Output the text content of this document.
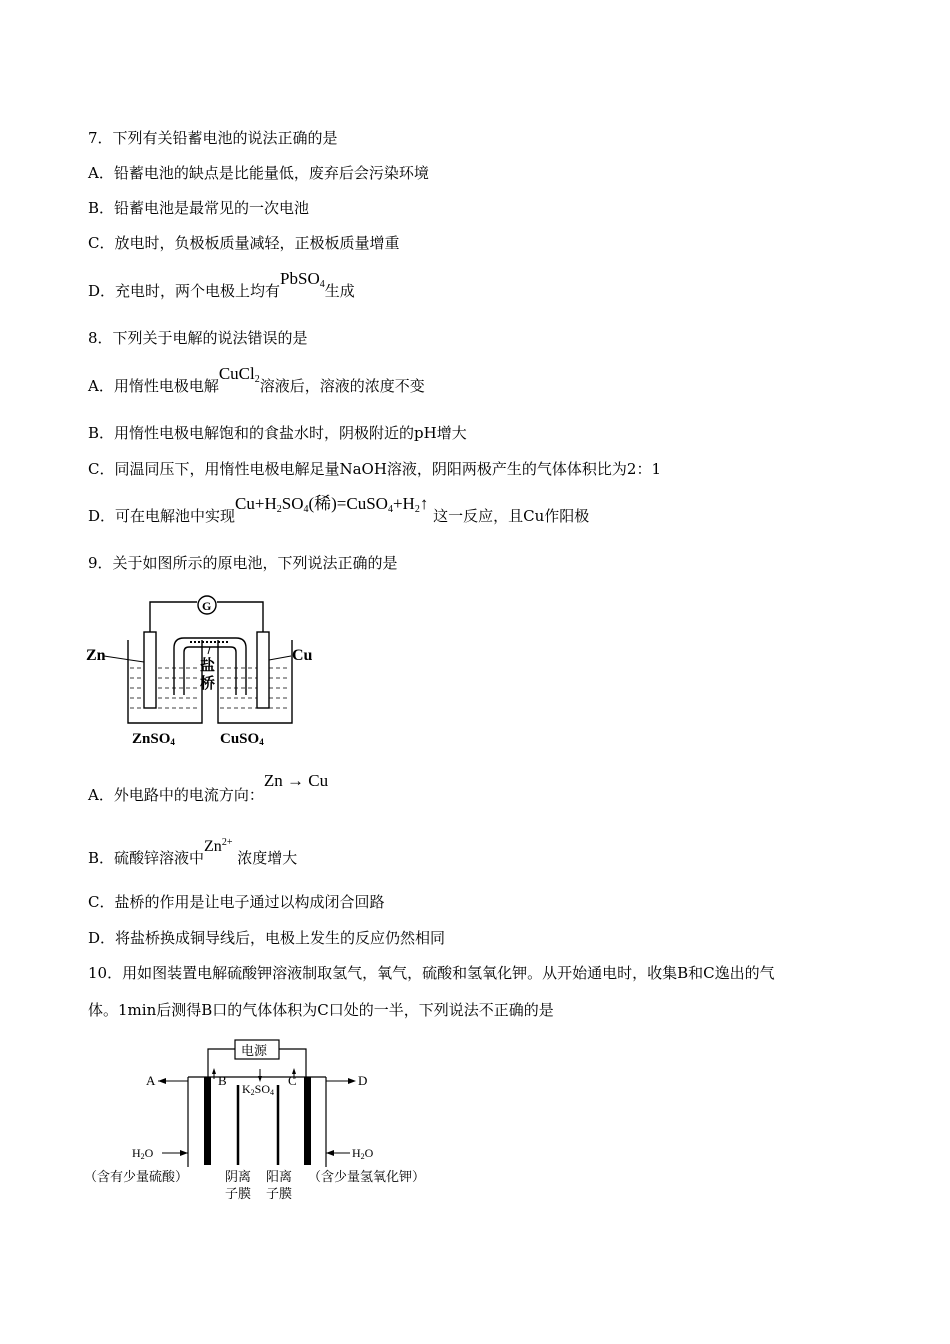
7．下列有关铅蓄电池的说法正确的是
A．铅蓄电池的缺点是比能量低，废弃后会污染环境
B．铅蓄电池是最常见的一次电池
C．放电时，负极板质量减轻，正极板质量增重
D．充电时，两个电极上均有PbSO$_4$生成
8．下列关于电解的说法错误的是
A．用惰性电极电解CuCl$_2$溶液后，溶液的浓度不变
B．用惰性电极电解饱和的食盐水时，阴极附近的pH增大
C．同温同压下，用惰性电极电解足量NaOH溶液，阴阳两极产生的气体体积比为2：1
D．可在电解池中实现$Cu+H_2SO_4$(稀)$=CuSO_4+H_2↑$ 这一反应，且Cu作阳极
9．关于如图所示的原电池，下列说法正确的是
G
Zn	Cu
盐
桥
ZnSO4	CuSO4
A．外电路中的电流方向：Zn → Cu
B．硫酸锌溶液中$Zn^{2+}$ 浓度增大
C．盐桥的作用是让电子通过以构成闭合回路
D．将盐桥换成铜导线后，电极上发生的反应仍然相同
10．用如图装置电解硫酸钾溶液制取氢气，氧气，硫酸和氢氧化钾。从开始通电时，收集B和C逸出的气
体。1min后测得B口的气体体积为C口处的一半，下列说法不正确的是
电源
A	D
B	C
K2SO4
H2O	H2O
（含有少量硫酸）	阴离
子膜
阳离
子膜
（含少量氢氧化钾）
